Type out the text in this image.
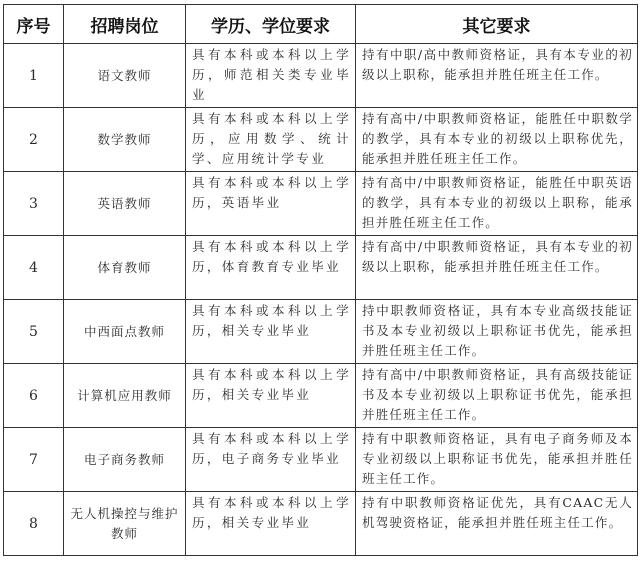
序号	招聘岗位	学历、学位要求	其它要求
1	语文教师	具有本科或本科以上学历，师范相关类专业毕业	持有中职/高中教师资格证，具有本专业的初级以上职称，能承担并胜任班主任工作。
2	数学教师	具有本科或本科以上学历，应用数学、统计学、应用统计学专业	持有高中/中职教师资格证，能胜任中职数学的教学，具有本专业的初级以上职称优先，能承担并胜任班主任工作。
3	英语教师	具有本科或本科以上学历，英语毕业	持有高中/中职教师资格证，能胜任中职英语的教学，具有本专业的初级以上职称，能承担并胜任班主任工作。
4	体育教师	具有本科或本科以上学历，体育教育专业毕业	持有高中/中职教师资格证，具有本专业的初级以上职称，能承担并胜任班主任工作。
5	中西面点教师	具有本科或本科以上学历，相关专业毕业	持中职教师资格证，具有本专业高级技能证书及本专业初级以上职称证书优先，能承担并胜任班主任工作。
6	计算机应用教师	具有本科或本科以上学历，相关专业毕业	持有高中/中职教师资格证，具有高级技能证书及本专业初级以上职称证书优先，能承担并胜任班主任工作。
7	电子商务教师	具有本科或本科以上学历，电子商务专业毕业	持有中职教师资格证，具有电子商务师及本专业初级以上职称证书优先，能承担并胜任班主任工作。
8	无人机操控与维护教师	具有本科或本科以上学历，相关专业毕业	持有中职教师资格证优先，具有CAAC无人机驾驶资格证，能承担并胜任班主任工作。
